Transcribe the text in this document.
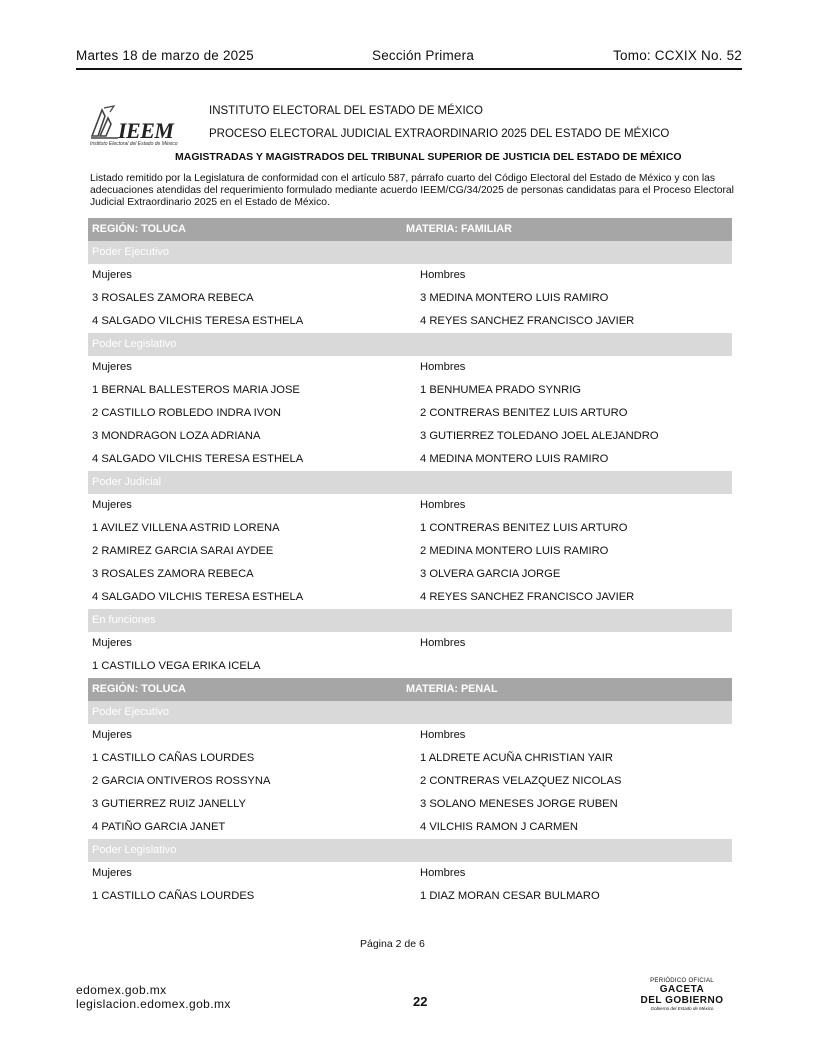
Martes 18 de marzo de 2025	Sección Primera	Tomo: CCXIX No. 52
IEEM
Instituto Electoral del Estado de México
INSTITUTO ELECTORAL DEL ESTADO DE MÉXICO
PROCESO ELECTORAL JUDICIAL EXTRAORDINARIO 2025 DEL ESTADO DE MÉXICO
MAGISTRADAS Y MAGISTRADOS DEL TRIBUNAL SUPERIOR DE JUSTICIA DEL ESTADO DE MÉXICO
Listado remitido por la Legislatura de conformidad con el artículo 587, párrafo cuarto del Código Electoral del Estado de México y con las adecuaciones atendidas del requerimiento formulado mediante acuerdo IEEM/CG/34/2025 de personas candidatas para el Proceso Electoral Judicial Extraordinario 2025 en el Estado de México.
REGIÓN: TOLUCA	MATERIA: FAMILIAR
Poder Ejecutivo
Mujeres	Hombres
3 ROSALES ZAMORA REBECA	3 MEDINA MONTERO LUIS RAMIRO
4 SALGADO VILCHIS TERESA ESTHELA	4 REYES SANCHEZ FRANCISCO JAVIER
Poder Legislativo
Mujeres	Hombres
1 BERNAL BALLESTEROS MARIA JOSE	1 BENHUMEA PRADO SYNRIG
2 CASTILLO ROBLEDO INDRA IVON	2 CONTRERAS BENITEZ LUIS ARTURO
3 MONDRAGON LOZA ADRIANA	3 GUTIERREZ TOLEDANO JOEL ALEJANDRO
4 SALGADO VILCHIS TERESA ESTHELA	4 MEDINA MONTERO LUIS RAMIRO
Poder Judicial
Mujeres	Hombres
1 AVILEZ VILLENA ASTRID LORENA	1 CONTRERAS BENITEZ LUIS ARTURO
2 RAMIREZ GARCIA SARAI AYDEE	2 MEDINA MONTERO LUIS RAMIRO
3 ROSALES ZAMORA REBECA	3 OLVERA GARCIA JORGE
4 SALGADO VILCHIS TERESA ESTHELA	4 REYES SANCHEZ FRANCISCO JAVIER
En funciones
Mujeres	Hombres
1 CASTILLO VEGA ERIKA ICELA
REGIÓN: TOLUCA	MATERIA: PENAL
Poder Ejecutivo
Mujeres	Hombres
1 CASTILLO CAÑAS LOURDES	1 ALDRETE ACUÑA CHRISTIAN YAIR
2 GARCIA ONTIVEROS ROSSYNA	2 CONTRERAS VELAZQUEZ NICOLAS
3 GUTIERREZ RUIZ JANELLY	3 SOLANO MENESES JORGE RUBEN
4 PATIÑO GARCIA JANET	4 VILCHIS RAMON J CARMEN
Poder Legislativo
Mujeres	Hombres
1 CASTILLO CAÑAS LOURDES	1 DIAZ MORAN CESAR BULMARO
Página 2 de 6
edomex.gob.mx
legislacion.edomex.gob.mx	22
PERIÓDICO OFICIAL
GACETA
DEL GOBIERNO
Gobierno del Estado de México
